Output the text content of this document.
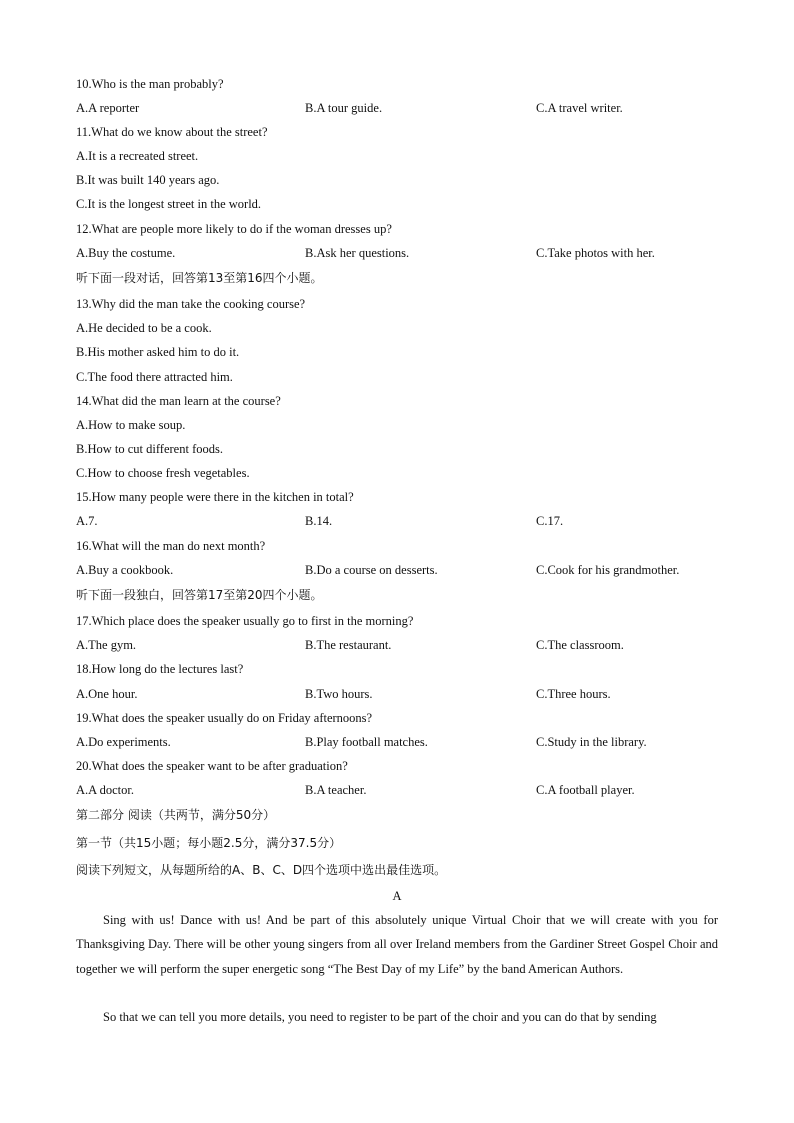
10.Who is the man probably?
A.A reporter	B.A tour guide.	C.A travel writer.
11.What do we know about the street?
A.It is a recreated street.
B.It was built 140 years ago.
C.It is the longest street in the world.
12.What are people more likely to do if the woman dresses up?
A.Buy the costume.	B.Ask her questions.	C.Take photos with her.
听下面一段对话，回答第13至第16四个小题。
13.Why did the man take the cooking course?
A.He decided to be a cook.
B.His mother asked him to do it.
C.The food there attracted him.
14.What did the man learn at the course?
A.How to make soup.
B.How to cut different foods.
C.How to choose fresh vegetables.
15.How many people were there in the kitchen in total?
A.7.	B.14.	C.17.
16.What will the man do next month?
A.Buy a cookbook.	B.Do a course on desserts.	C.Cook for his grandmother.
听下面一段独白，回答第17至第20四个小题。
17.Which place does the speaker usually go to first in the morning?
A.The gym.	B.The restaurant.	C.The classroom.
18.How long do the lectures last?
A.One hour.	B.Two hours.	C.Three hours.
19.What does the speaker usually do on Friday afternoons?
A.Do experiments.	B.Play football matches.	C.Study in the library.
20.What does the speaker want to be after graduation?
A.A doctor.	B.A teacher.	C.A football player.
第二部分 阅读（共两节，满分50分）
第一节（共15小题；每小题2.5分，满分37.5分）
阅读下列短文，从每题所给的A、B、C、D四个选项中选出最佳选项。
A
Sing with us! Dance with us! And be part of this absolutely unique Virtual Choir that we will create with you for Thanksgiving Day. There will be other young singers from all over Ireland members from the Gardiner Street Gospel Choir and together we will perform the super energetic song “The Best Day of my Life” by the band American Authors.
So that we can tell you more details, you need to register to be part of the choir and you can do that by sending
